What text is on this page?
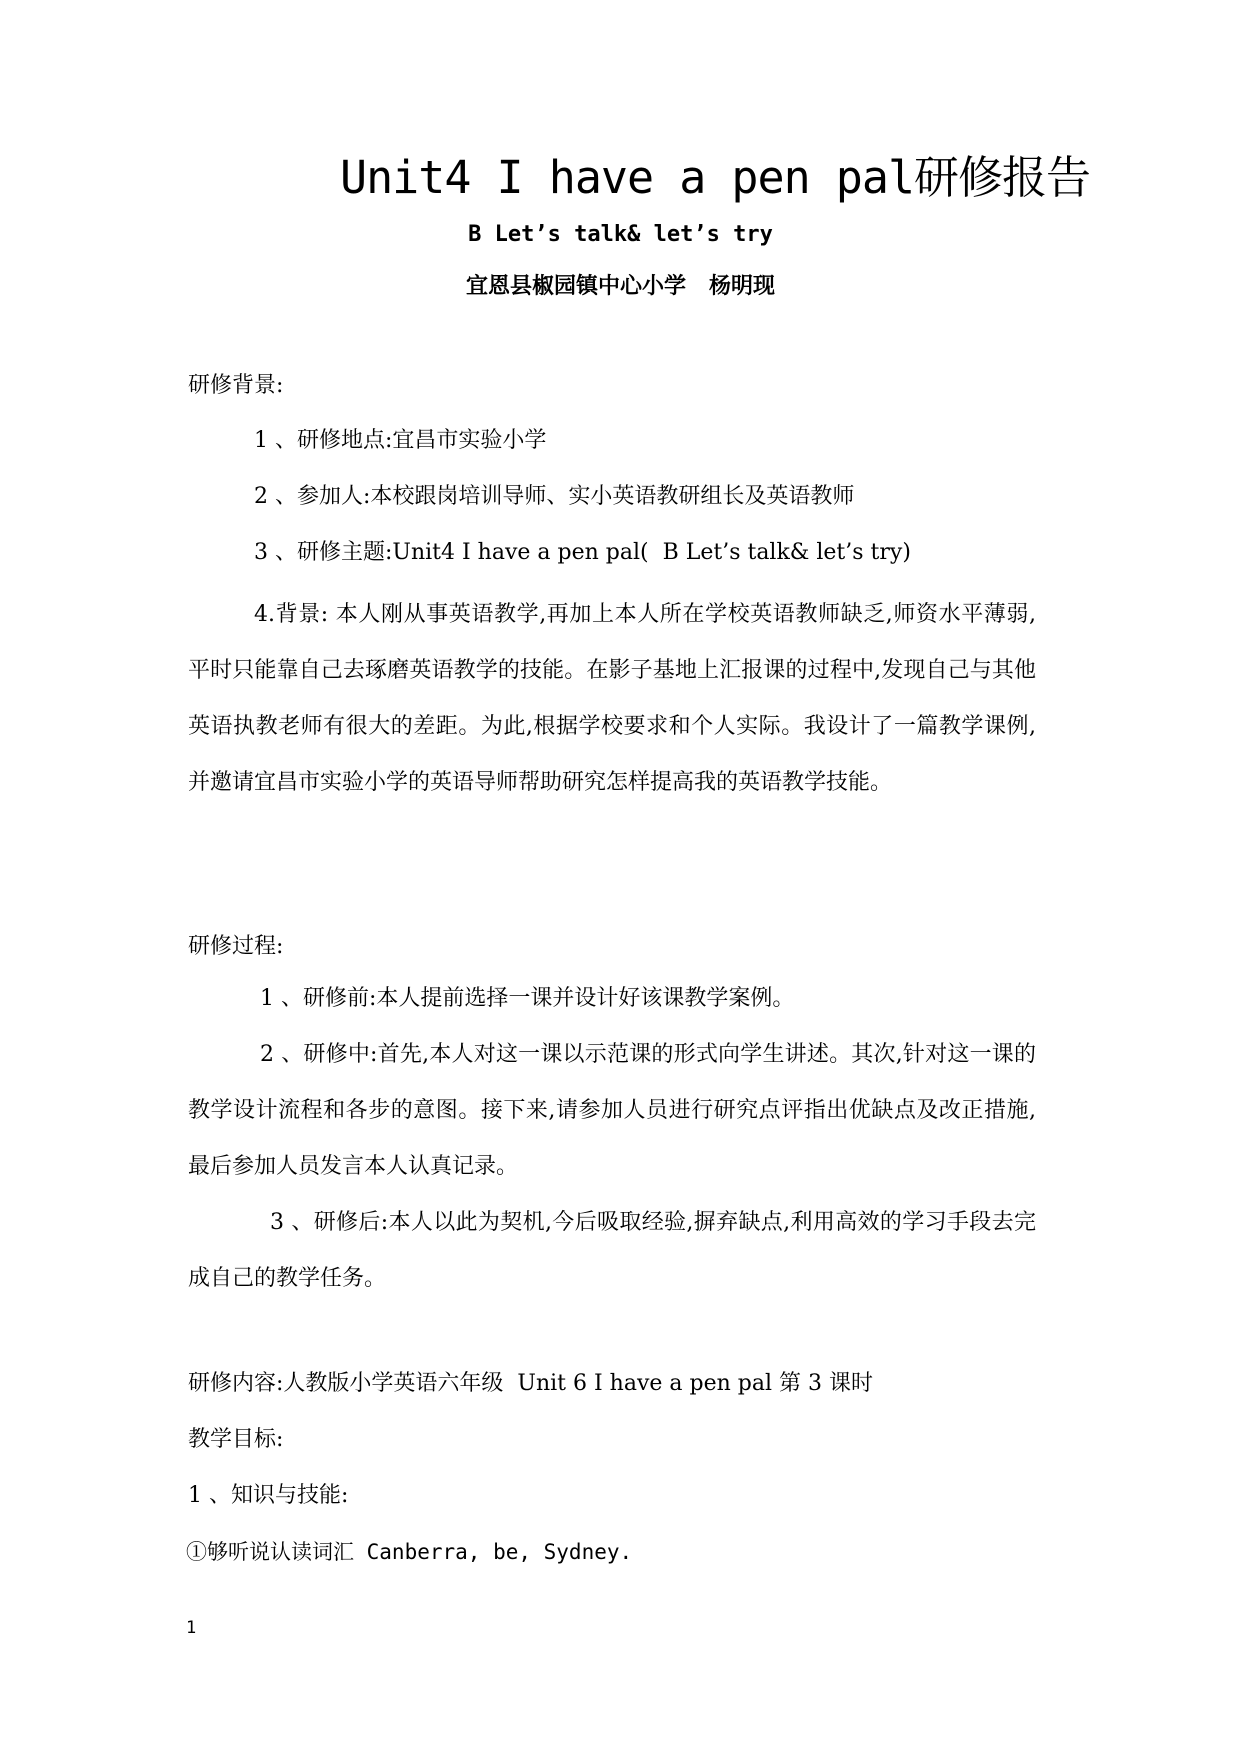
Unit4 I have a pen pal研修报告
B Let’s talk& let’s try
宜恩县椒园镇中心小学   杨明现
研修背景:
1 、研修地点:宜昌市实验小学
2 、参加人:本校跟岗培训导师、实小英语教研组长及英语教师
3 、研修主题:Unit4 I have a pen pal(  B Let’s talk& let’s try)
4.背景: 本人刚从事英语教学,再加上本人所在学校英语教师缺乏,师资水平薄弱,平时只能靠自己去琢磨英语教学的技能。在影子基地上汇报课的过程中,发现自己与其他英语执教老师有很大的差距。为此,根据学校要求和个人实际。我设计了一篇教学课例,并邀请宜昌市实验小学的英语导师帮助研究怎样提高我的英语教学技能。
研修过程:
1 、研修前:本人提前选择一课并设计好该课教学案例。
2 、研修中:首先,本人对这一课以示范课的形式向学生讲述。其次,针对这一课的教学设计流程和各步的意图。接下来,请参加人员进行研究点评指出优缺点及改正措施,最后参加人员发言本人认真记录。
3 、研修后:本人以此为契机,今后吸取经验,摒弃缺点,利用高效的学习手段去完成自己的教学任务。
研修内容:人教版小学英语六年级  Unit 6 I have a pen pal 第 3 课时
教学目标:
1 、知识与技能:
①够听说认读词汇 Canberra, be, Sydney.
1
